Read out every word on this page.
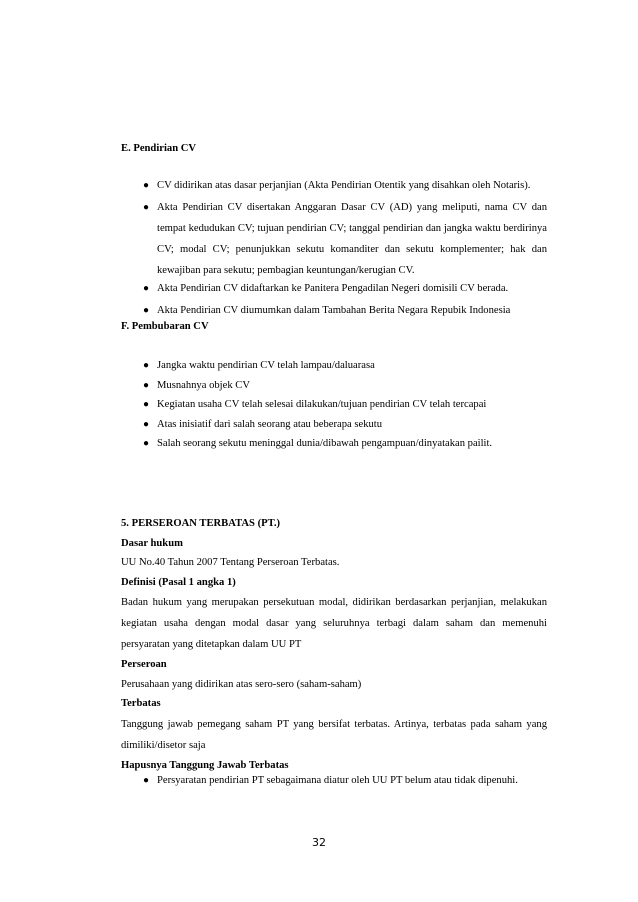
E. Pendirian CV
● CV didirikan atas dasar perjanjian (Akta Pendirian Otentik yang disahkan oleh Notaris).
● Akta Pendirian CV disertakan Anggaran Dasar CV (AD) yang meliputi, nama CV dan tempat kedudukan CV; tujuan pendirian CV; tanggal pendirian dan jangka waktu berdirinya CV; modal CV; penunjukkan sekutu komanditer dan sekutu komplementer; hak dan kewajiban para sekutu; pembagian keuntungan/kerugian CV.
● Akta Pendirian CV didaftarkan ke Panitera Pengadilan Negeri domisili CV berada.
● Akta Pendirian CV diumumkan dalam Tambahan Berita Negara Repubik Indonesia
F. Pembubaran CV
● Jangka waktu pendirian CV telah lampau/daluarasa
● Musnahnya objek CV
● Kegiatan usaha CV telah selesai dilakukan/tujuan pendirian CV telah tercapai
● Atas inisiatif dari salah seorang atau beberapa sekutu
● Salah seorang sekutu meninggal dunia/dibawah pengampuan/dinyatakan pailit.
5. PERSEROAN TERBATAS (PT.)
Dasar hukum
UU No.40 Tahun 2007 Tentang Perseroan Terbatas.
Definisi (Pasal 1 angka 1)
Badan hukum yang merupakan persekutuan modal, didirikan berdasarkan perjanjian, melakukan kegiatan usaha dengan modal dasar yang seluruhnya terbagi dalam saham dan memenuhi persyaratan yang ditetapkan dalam UU PT
Perseroan
Perusahaan yang didirikan atas sero-sero (saham-saham)
Terbatas
Tanggung jawab pemegang saham PT yang bersifat terbatas. Artinya, terbatas pada saham yang dimiliki/disetor saja
Hapusnya Tanggung Jawab Terbatas
● Persyaratan pendirian PT sebagaimana diatur oleh UU PT belum atau tidak dipenuhi.
32
